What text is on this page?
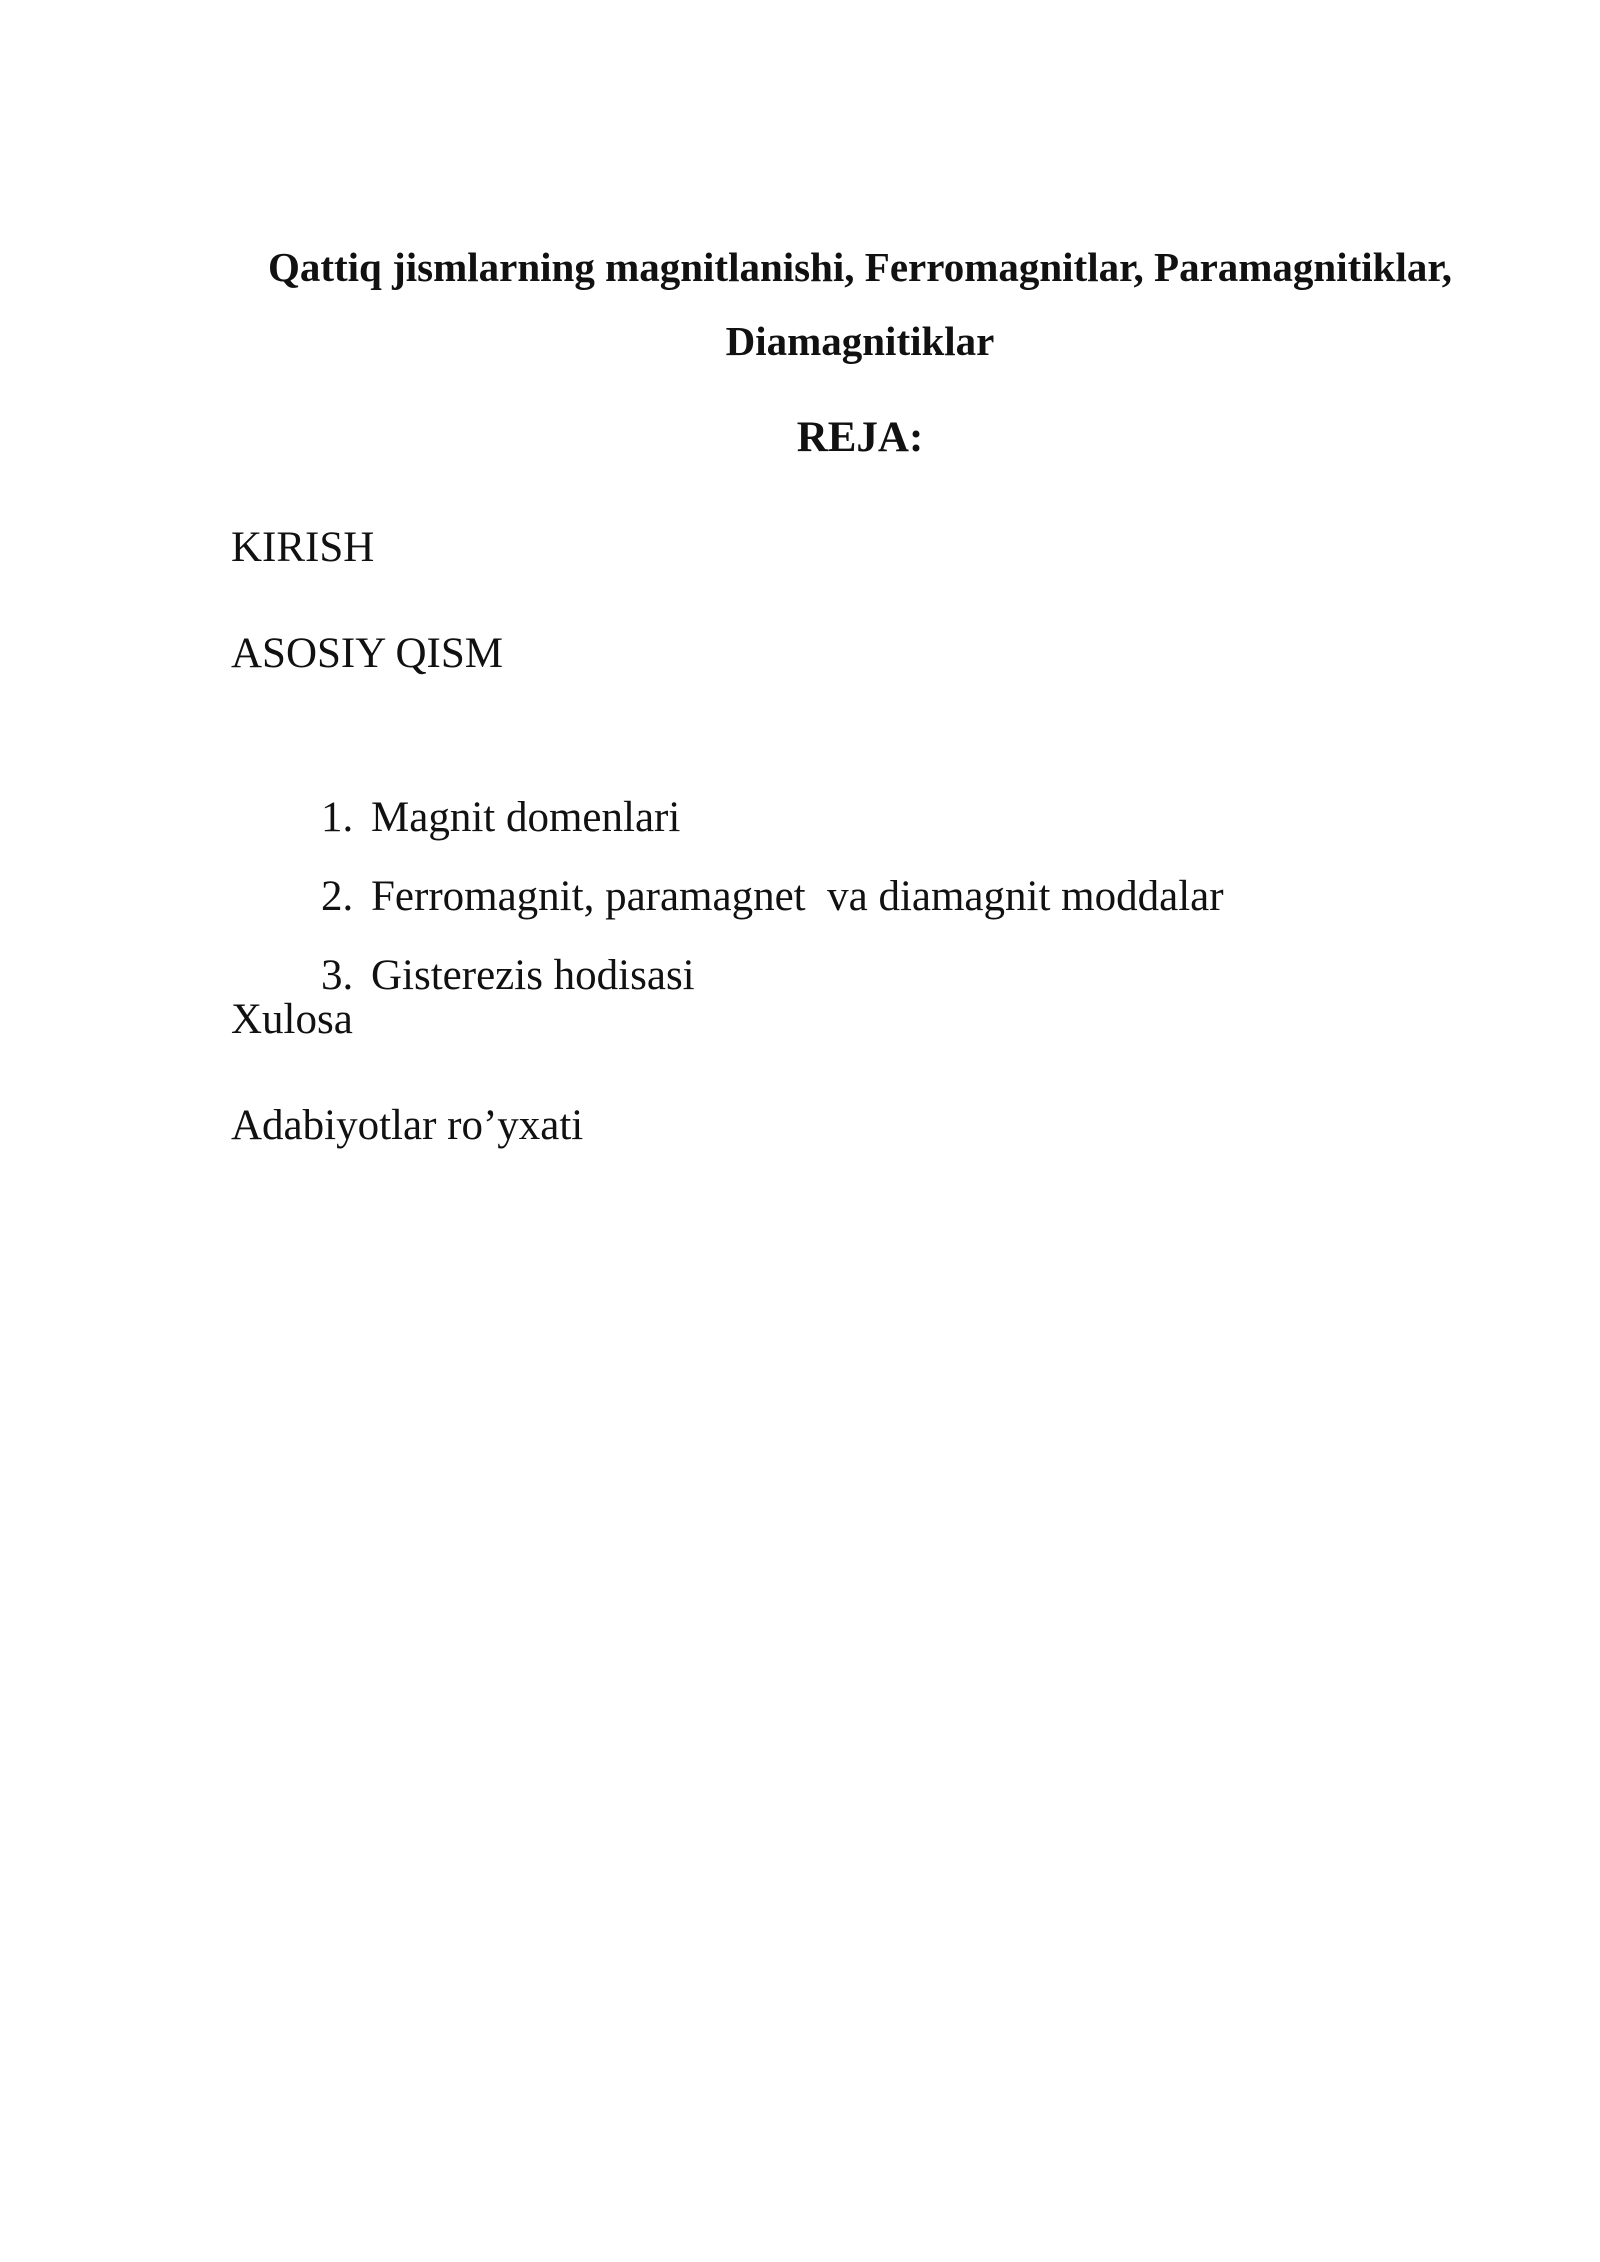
Qattiq jismlarning magnitlanishi, Ferromagnitlar, Paramagnitiklar,
Diamagnitiklar
REJA:
KIRISH
ASOSIY QISM

1. Magnit domenlari

2. Ferromagnit, paramagnet  va diamagnit moddalar

3. Gisterezis hodisasi

Xulosa
Adabiyotlar ro’yxati
